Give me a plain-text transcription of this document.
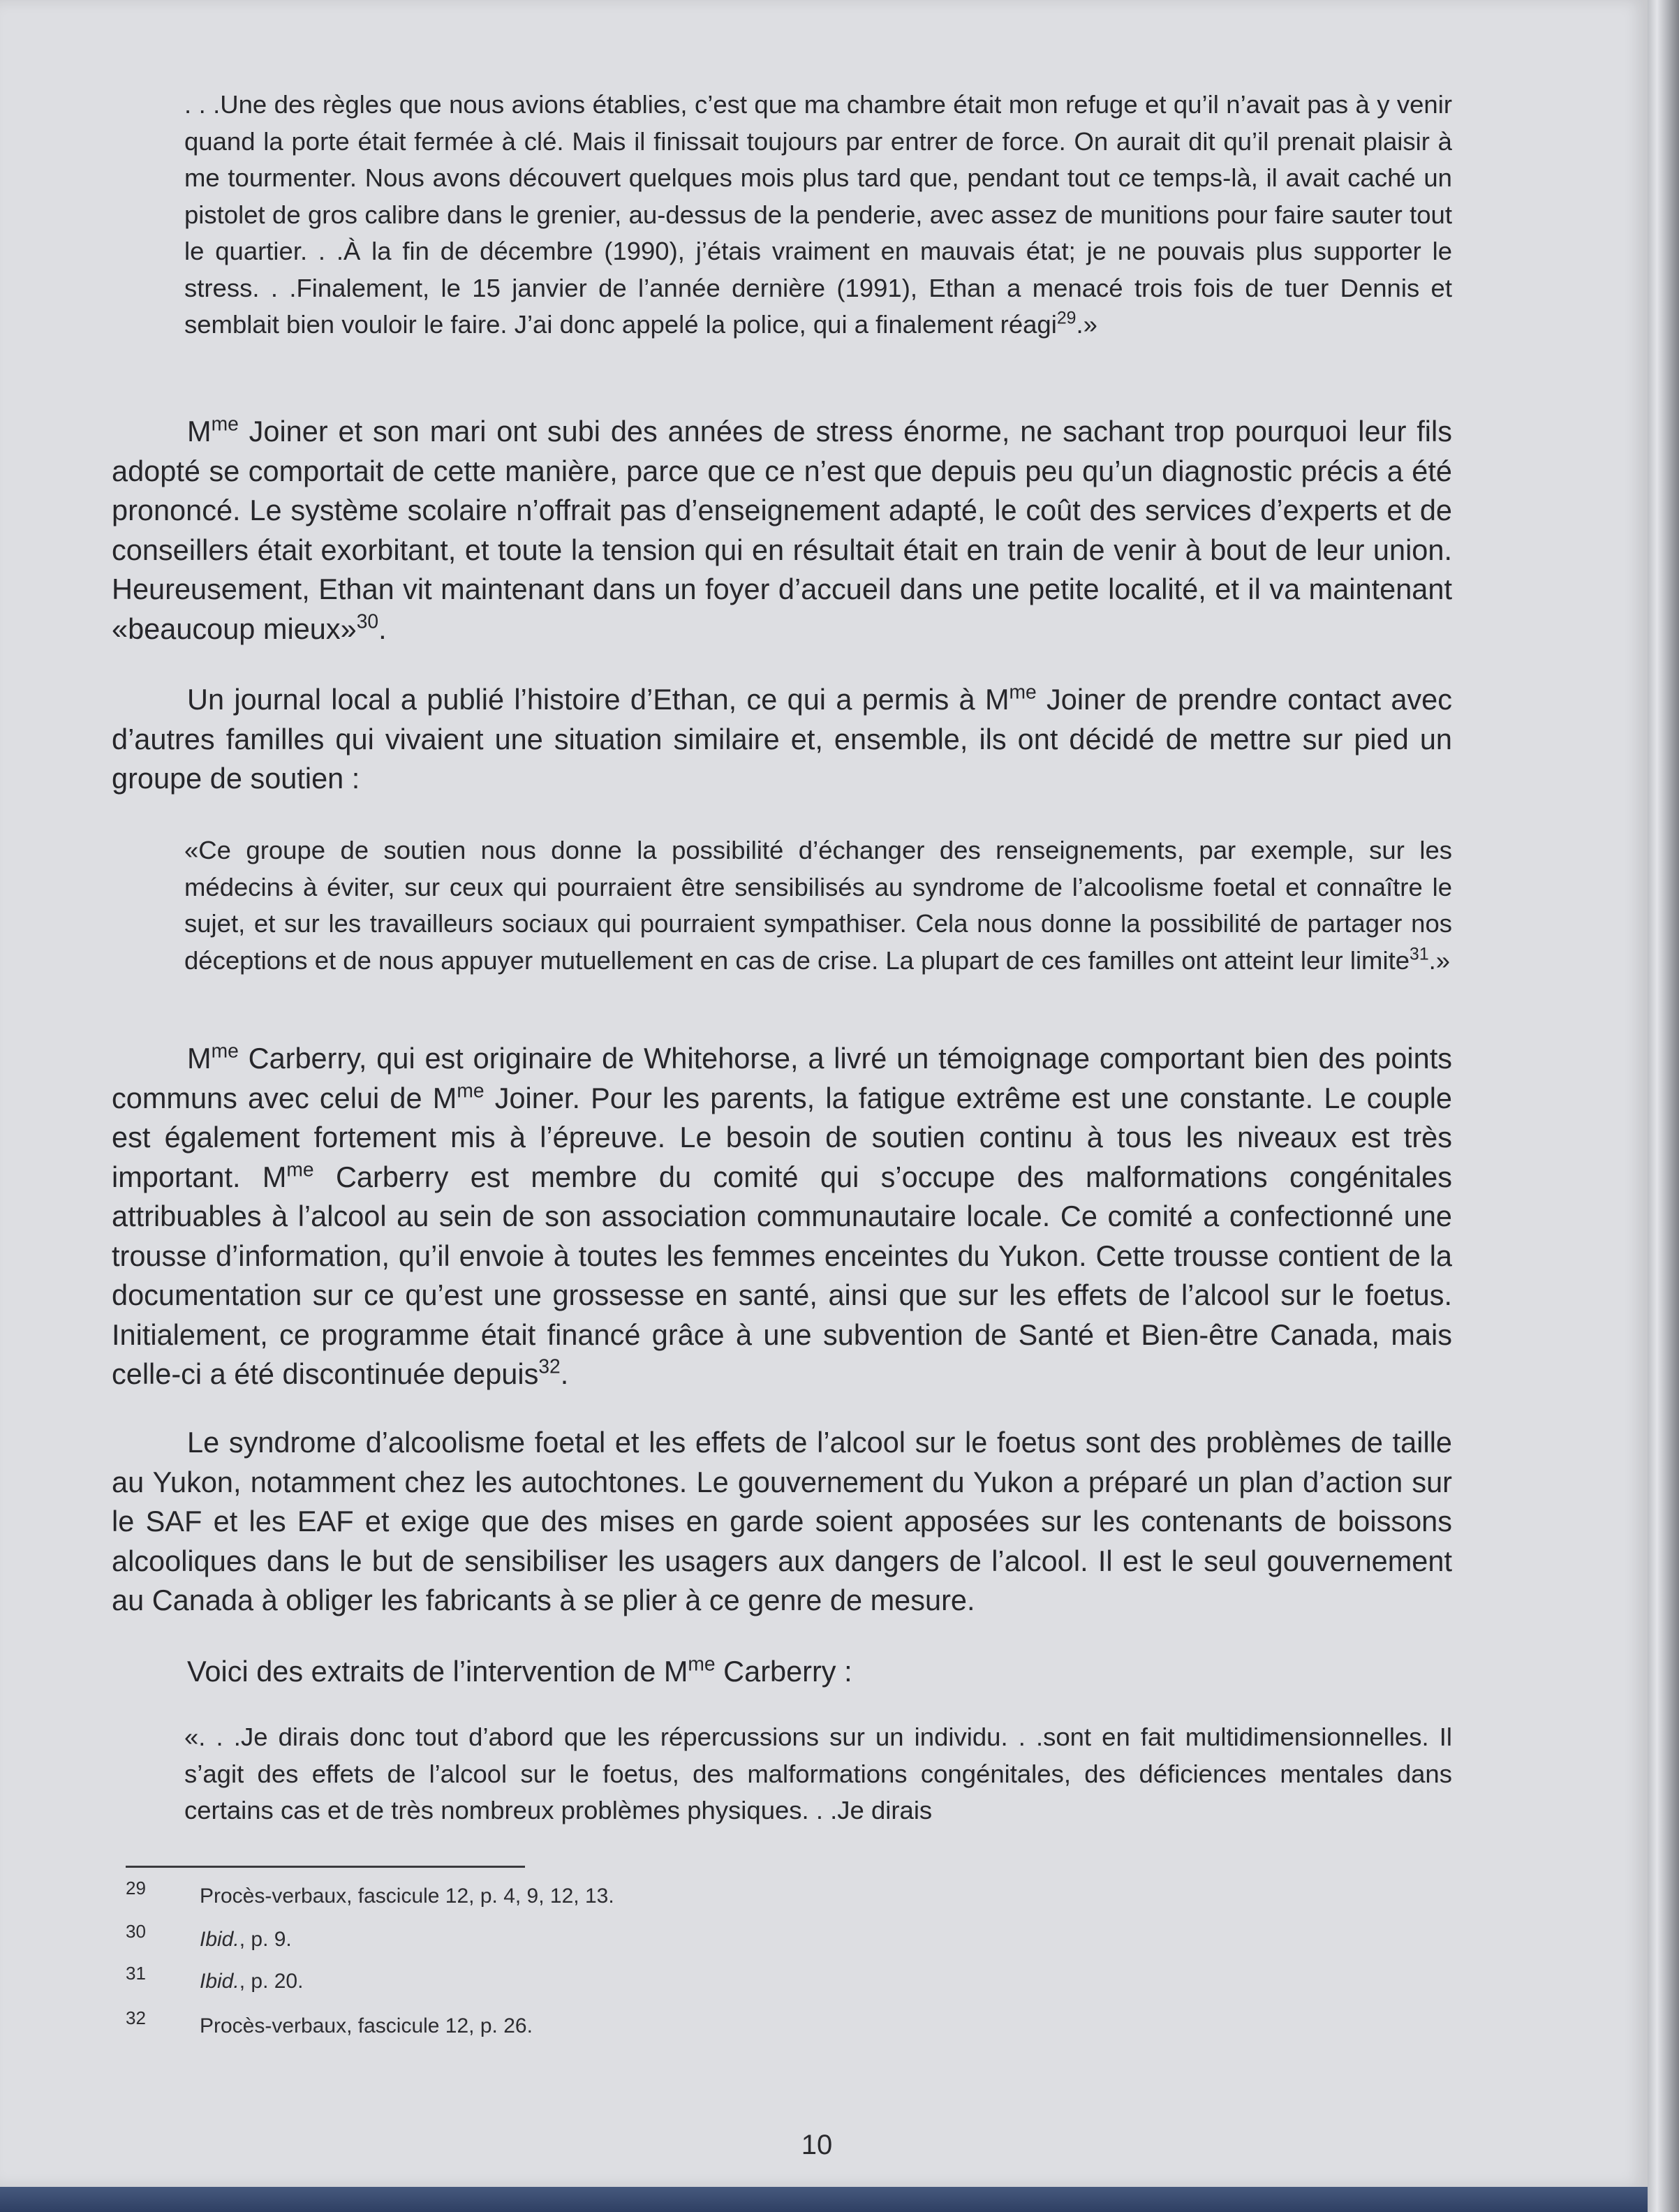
. . .Une des règles que nous avions établies, c’est que ma chambre était mon refuge et qu’il n’avait pas à y venir quand la porte était fermée à clé. Mais il finissait toujours par entrer de force. On aurait dit qu’il prenait plaisir à me tourmenter. Nous avons découvert quelques mois plus tard que, pendant tout ce temps-là, il avait caché un pistolet de gros calibre dans le grenier, au-dessus de la penderie, avec assez de munitions pour faire sauter tout le quartier. . .À la fin de décembre (1990), j’étais vraiment en mauvais état; je ne pouvais plus supporter le stress. . .Finalement, le 15 janvier de l’année dernière (1991), Ethan a menacé trois fois de tuer Dennis et semblait bien vouloir le faire. J’ai donc appelé la police, qui a finalement réagi$^{29}$.»

$M^{me}$ Joiner et son mari ont subi des années de stress énorme, ne sachant trop pourquoi leur fils adopté se comportait de cette manière, parce que ce n’est que depuis peu qu’un diagnostic précis a été prononcé. Le système scolaire n’offrait pas d’enseignement adapté, le coût des services d’experts et de conseillers était exorbitant, et toute la tension qui en résultait était en train de venir à bout de leur union. Heureusement, Ethan vit maintenant dans un foyer d’accueil dans une petite localité, et il va maintenant «beaucoup mieux»$^{30}$.

Un journal local a publié l’histoire d’Ethan, ce qui a permis à $M^{me}$ Joiner de prendre contact avec d’autres familles qui vivaient une situation similaire et, ensemble, ils ont décidé de mettre sur pied un groupe de soutien :

«Ce groupe de soutien nous donne la possibilité d’échanger des renseignements, par exemple, sur les médecins à éviter, sur ceux qui pourraient être sensibilisés au syndrome de l’alcoolisme foetal et connaître le sujet, et sur les travailleurs sociaux qui pourraient sympathiser. Cela nous donne la possibilité de partager nos déceptions et de nous appuyer mutuellement en cas de crise. La plupart de ces familles ont atteint leur limite$^{31}$.»

$M^{me}$ Carberry, qui est originaire de Whitehorse, a livré un témoignage comportant bien des points communs avec celui de $M^{me}$ Joiner. Pour les parents, la fatigue extrême est une constante. Le couple est également fortement mis à l’épreuve. Le besoin de soutien continu à tous les niveaux est très important. $M^{me}$ Carberry est membre du comité qui s’occupe des malformations congénitales attribuables à l’alcool au sein de son association communautaire locale. Ce comité a confectionné une trousse d’information, qu’il envoie à toutes les femmes enceintes du Yukon. Cette trousse contient de la documentation sur ce qu’est une grossesse en santé, ainsi que sur les effets de l’alcool sur le foetus. Initialement, ce programme était financé grâce à une subvention de Santé et Bien-être Canada, mais celle-ci a été discontinuée depuis$^{32}$.

Le syndrome d’alcoolisme foetal et les effets de l’alcool sur le foetus sont des problèmes de taille au Yukon, notamment chez les autochtones. Le gouvernement du Yukon a préparé un plan d’action sur le SAF et les EAF et exige que des mises en garde soient apposées sur les contenants de boissons alcooliques dans le but de sensibiliser les usagers aux dangers de l’alcool. Il est le seul gouvernement au Canada à obliger les fabricants à se plier à ce genre de mesure.

Voici des extraits de l’intervention de $M^{me}$ Carberry :

«. . .Je dirais donc tout d’abord que les répercussions sur un individu. . .sont en fait multidimensionnelles. Il s’agit des effets de l’alcool sur le foetus, des malformations congénitales, des déficiences mentales dans certains cas et de très nombreux problèmes physiques. . .Je dirais

29	Procès-verbaux, fascicule 12, p. 4, 9, 12, 13.
30	Ibid., p. 9.
31	Ibid., p. 20.
32	Procès-verbaux, fascicule 12, p. 26.
10
